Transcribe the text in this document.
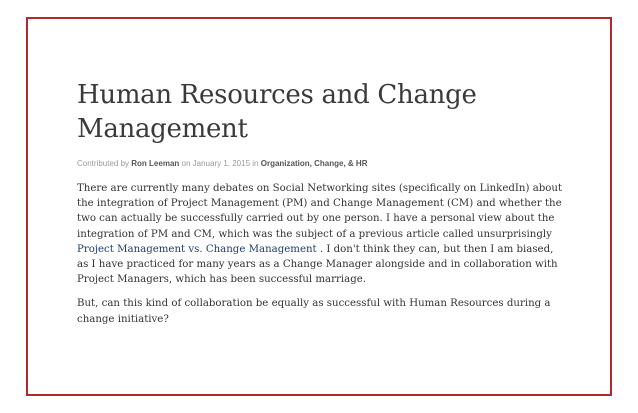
Human Resources and Change Management
Contributed by Ron Leeman on January 1, 2015 in Organization, Change, & HR

There are currently many debates on Social Networking sites (specifically on LinkedIn) about the integration of Project Management (PM) and Change Management (CM) and whether the two can actually be successfully carried out by one person. I have a personal view about the integration of PM and CM, which was the subject of a previous article called unsurprisingly Project Management vs. Change Management . I don't think they can, but then I am biased, as I have practiced for many years as a Change Manager alongside and in collaboration with Project Managers, which has been successful marriage.

But, can this kind of collaboration be equally as successful with Human Resources during a change initiative?
